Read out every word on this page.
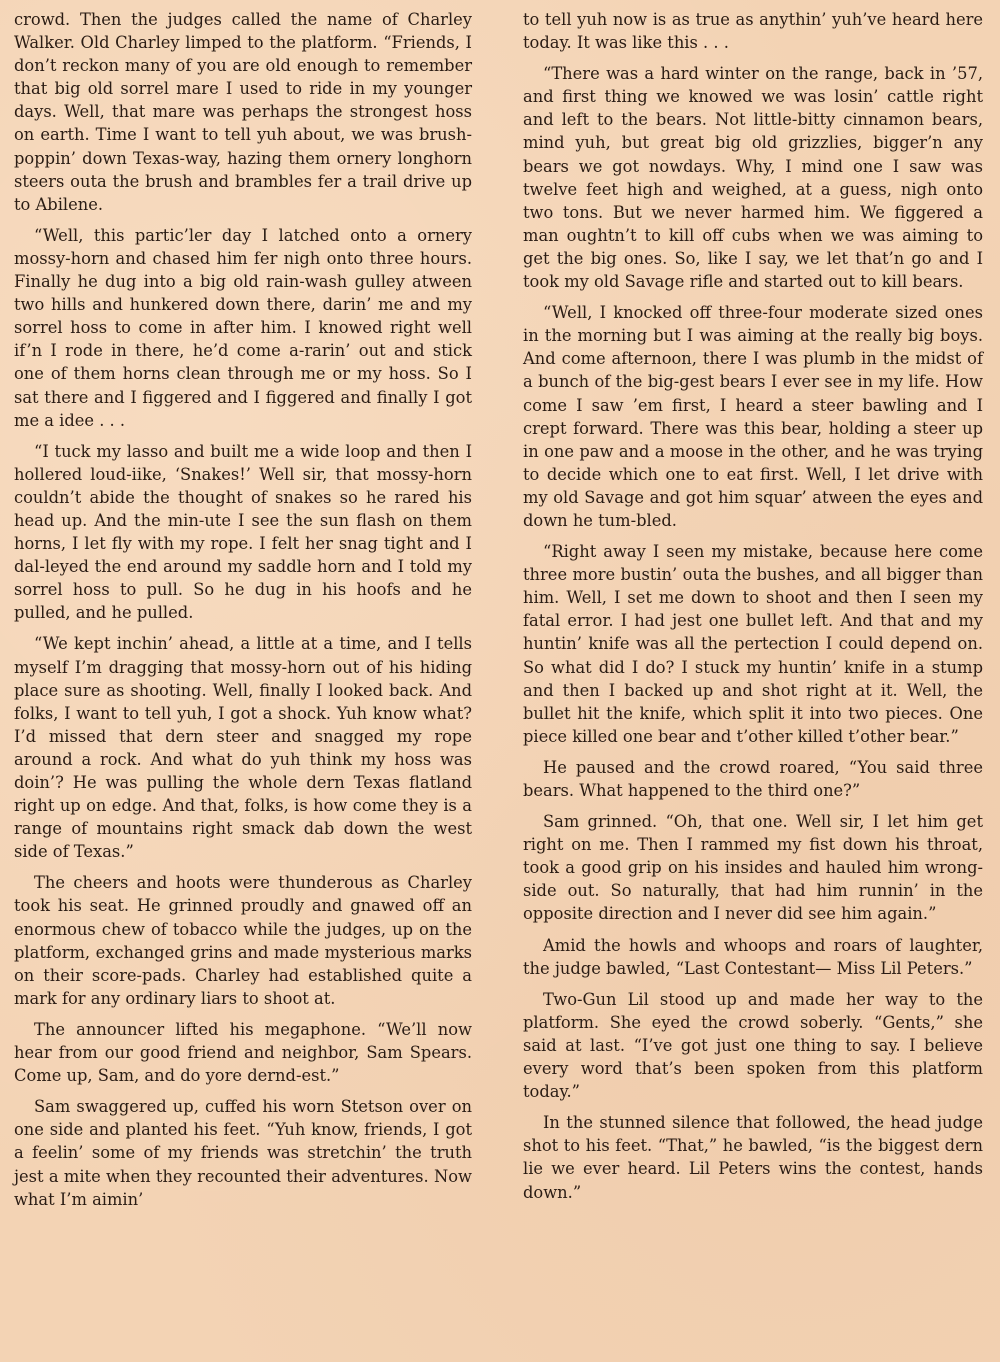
crowd. Then the judges called the name of Charley Walker. Old Charley limped to the platform. “Friends, I don’t reckon many of you are old enough to remember that big old sorrel mare I used to ride in my younger days. Well, that mare was perhaps the strongest hoss on earth. Time I want to tell yuh about, we was brush-poppin’ down Texas-way, hazing them ornery longhorn steers outa the brush and brambles fer a trail drive up to Abilene.

“Well, this partic’ler day I latched onto a ornery mossy-horn and chased him fer nigh onto three hours. Finally he dug into a big old rain-wash gulley atween two hills and hunkered down there, darin’ me and my sorrel hoss to come in after him. I knowed right well if’n I rode in there, he’d come a-rarin’ out and stick one of them horns clean through me or my hoss. So I sat there and I figgered and I figgered and finally I got me a idee . . .

“I tuck my lasso and built me a wide loop and then I hollered loud-iike, ‘Snakes!’ Well sir, that mossy-horn couldn’t abide the thought of snakes so he rared his head up. And the min-ute I see the sun flash on them horns, I let fly with my rope. I felt her snag tight and I dal-leyed the end around my saddle horn and I told my sorrel hoss to pull. So he dug in his hoofs and he pulled, and he pulled.

“We kept inchin’ ahead, a little at a time, and I tells myself I’m dragging that mossy-horn out of his hiding place sure as shooting. Well, finally I looked back. And folks, I want to tell yuh, I got a shock. Yuh know what? I’d missed that dern steer and snagged my rope around a rock. And what do yuh think my hoss was doin’? He was pulling the whole dern Texas flatland right up on edge. And that, folks, is how come they is a range of mountains right smack dab down the west side of Texas.”

The cheers and hoots were thunderous as Charley took his seat. He grinned proudly and gnawed off an enormous chew of tobacco while the judges, up on the platform, exchanged grins and made mysterious marks on their score-pads. Charley had established quite a mark for any ordinary liars to shoot at.

The announcer lifted his megaphone. “We’ll now hear from our good friend and neighbor, Sam Spears. Come up, Sam, and do yore dernd-est.”

Sam swaggered up, cuffed his worn Stetson over on one side and planted his feet. “Yuh know, friends, I got a feelin’ some of my friends was stretchin’ the truth jest a mite when they recounted their adventures. Now what I’m aimin’

to tell yuh now is as true as anythin’ yuh’ve heard here today. It was like this . . .

“There was a hard winter on the range, back in ’57, and first thing we knowed we was losin’ cattle right and left to the bears. Not little-bitty cinnamon bears, mind yuh, but great big old grizzlies, bigger’n any bears we got nowdays. Why, I mind one I saw was twelve feet high and weighed, at a guess, nigh onto two tons. But we never harmed him. We figgered a man oughtn’t to kill off cubs when we was aiming to get the big ones. So, like I say, we let that’n go and I took my old Savage rifle and started out to kill bears.

“Well, I knocked off three-four moderate sized ones in the morning but I was aiming at the really big boys. And come afternoon, there I was plumb in the midst of a bunch of the big-gest bears I ever see in my life. How come I saw ’em first, I heard a steer bawling and I crept forward. There was this bear, holding a steer up in one paw and a moose in the other, and he was trying to decide which one to eat first. Well, I let drive with my old Savage and got him squar’ atween the eyes and down he tum-bled.

“Right away I seen my mistake, because here come three more bustin’ outa the bushes, and all bigger than him. Well, I set me down to shoot and then I seen my fatal error. I had jest one bullet left. And that and my huntin’ knife was all the pertection I could depend on. So what did I do? I stuck my huntin’ knife in a stump and then I backed up and shot right at it. Well, the bullet hit the knife, which split it into two pieces. One piece killed one bear and t’other killed t’other bear.”

He paused and the crowd roared, “You said three bears. What happened to the third one?”

Sam grinned. “Oh, that one. Well sir, I let him get right on me. Then I rammed my fist down his throat, took a good grip on his insides and hauled him wrong-side out. So naturally, that had him runnin’ in the opposite direction and I never did see him again.”

Amid the howls and whoops and roars of laughter, the judge bawled, “Last Contestant— Miss Lil Peters.”

Two-Gun Lil stood up and made her way to the platform. She eyed the crowd soberly. “Gents,” she said at last. “I’ve got just one thing to say. I believe every word that’s been spoken from this platform today.”

In the stunned silence that followed, the head judge shot to his feet. “That,” he bawled, “is the biggest dern lie we ever heard. Lil Peters wins the contest, hands down.”
